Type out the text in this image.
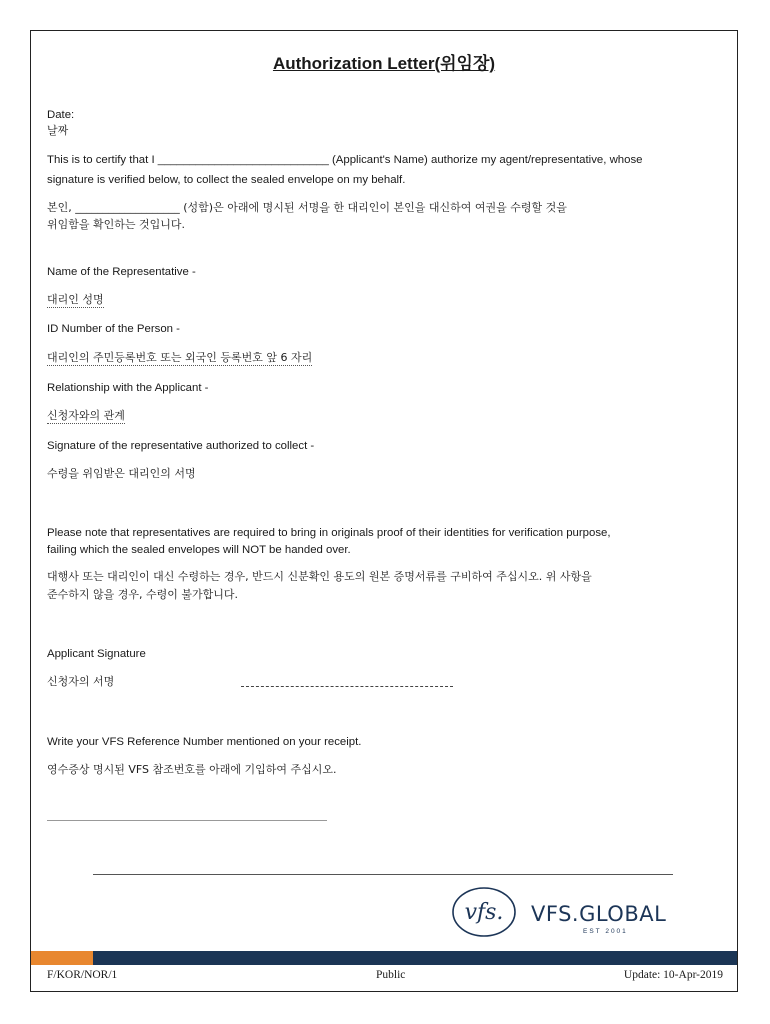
Authorization Letter(위임장)
Date:
날짜
This is to certify that I ___________________________ (Applicant's Name) authorize my agent/representative, whose
signature is verified below, to collect the sealed envelope on my behalf.
본인, ___________________ (성함)은 아래에 명시된 서명을 한 대리인이 본인을 대신하여 여권을 수령할 것을
위임함을 확인하는 것입니다.
Name of the Representative -
대리인 성명
ID Number of the Person -
대리인의 주민등록번호 또는 외국인 등록번호 앞 6 자리
Relationship with the Applicant -
신청자와의 관계
Signature of the representative authorized to collect -
수령을 위임받은 대리인의 서명
Please note that representatives are required to bring in originals proof of their identities for verification purpose,
failing which the sealed envelopes will NOT be handed over.
대행사 또는 대리인이 대신 수령하는 경우, 반드시 신분확인 용도의 원본 증명서류를 구비하여 주십시오. 위 사항을
준수하지 않을 경우, 수령이 불가합니다.
Applicant Signature
신청자의 서명
Write your VFS Reference Number mentioned on your receipt.
영수증상 명시된 VFS 참조번호를 아래에 기입하여 주십시오.
vfs. VFS.GLOBAL
EST 2001
F/KOR/NOR/1	Public	Update: 10-Apr-2019
